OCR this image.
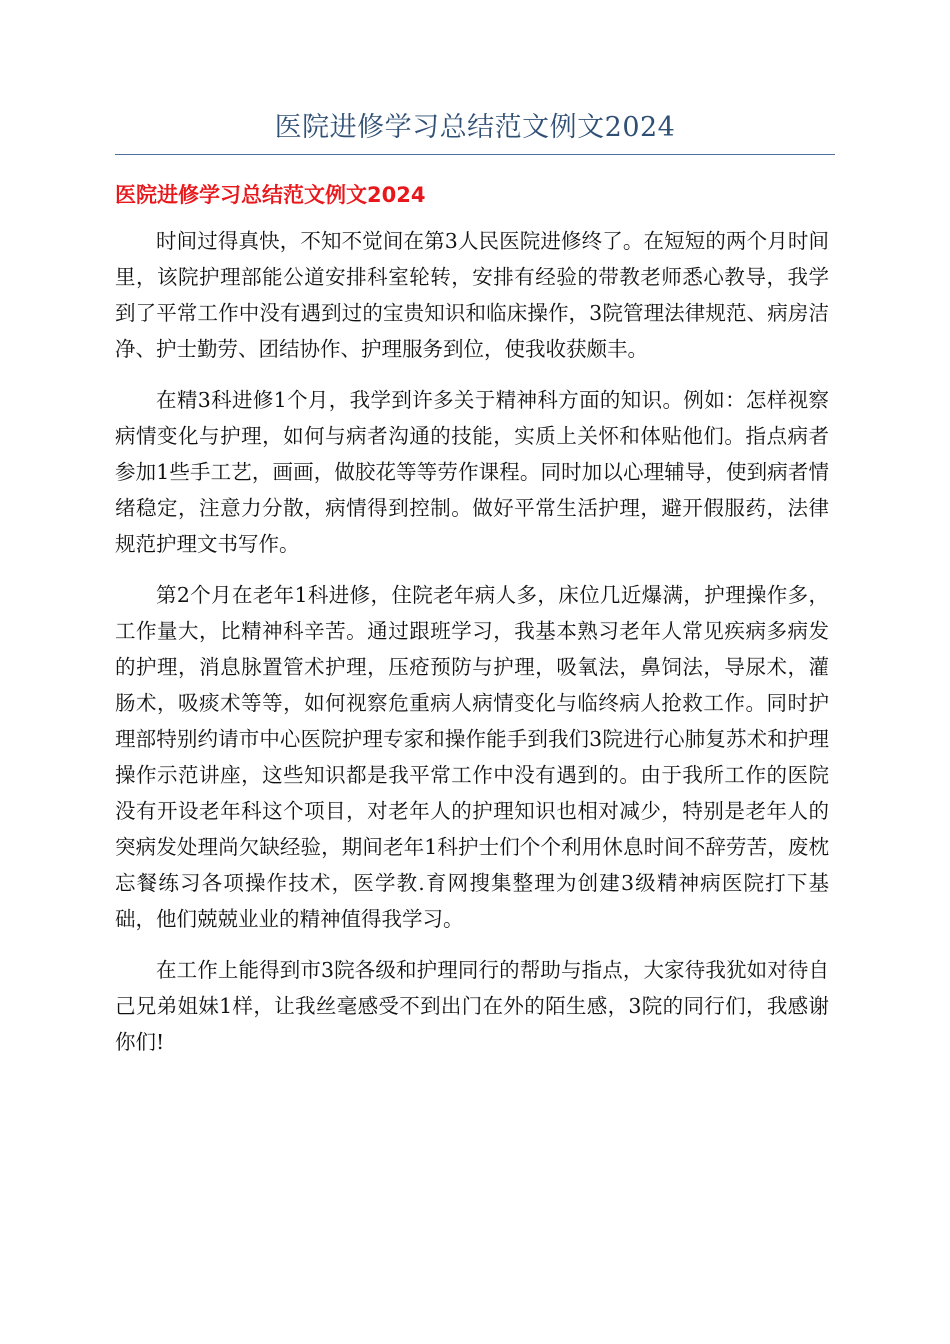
医院进修学习总结范文例文2024
医院进修学习总结范文例文2024

时间过得真快，不知不觉间在第3人民医院进修终了。在短短的两个月时间里，该院护理部能公道安排科室轮转，安排有经验的带教老师悉心教导，我学到了平常工作中没有遇到过的宝贵知识和临床操作，3院管理法律规范、病房洁净、护士勤劳、团结协作、护理服务到位，使我收获颇丰。

在精3科进修1个月，我学到许多关于精神科方面的知识。例如：怎样视察病情变化与护理，如何与病者沟通的技能，实质上关怀和体贴他们。指点病者参加1些手工艺，画画，做胶花等等劳作课程。同时加以心理辅导，使到病者情绪稳定，注意力分散，病情得到控制。做好平常生活护理，避开假服药，法律规范护理文书写作。

第2个月在老年1科进修，住院老年病人多，床位几近爆满，护理操作多，工作量大，比精神科辛苦。通过跟班学习，我基本熟习老年人常见疾病多病发的护理，消息脉置管术护理，压疮预防与护理，吸氧法，鼻饲法，导尿术，灌肠术，吸痰术等等，如何视察危重病人病情变化与临终病人抢救工作。同时护理部特别约请市中心医院护理专家和操作能手到我们3院进行心肺复苏术和护理操作示范讲座，这些知识都是我平常工作中没有遇到的。由于我所工作的医院没有开设老年科这个项目，对老年人的护理知识也相对减少，特别是老年人的突病发处理尚欠缺经验，期间老年1科护士们个个利用休息时间不辞劳苦，废枕忘餐练习各项操作技术，医学教.育网搜集整理为创建3级精神病医院打下基础，他们兢兢业业的精神值得我学习。

在工作上能得到市3院各级和护理同行的帮助与指点，大家待我犹如对待自己兄弟姐妹1样，让我丝毫感受不到出门在外的陌生感，3院的同行们，我感谢你们!
